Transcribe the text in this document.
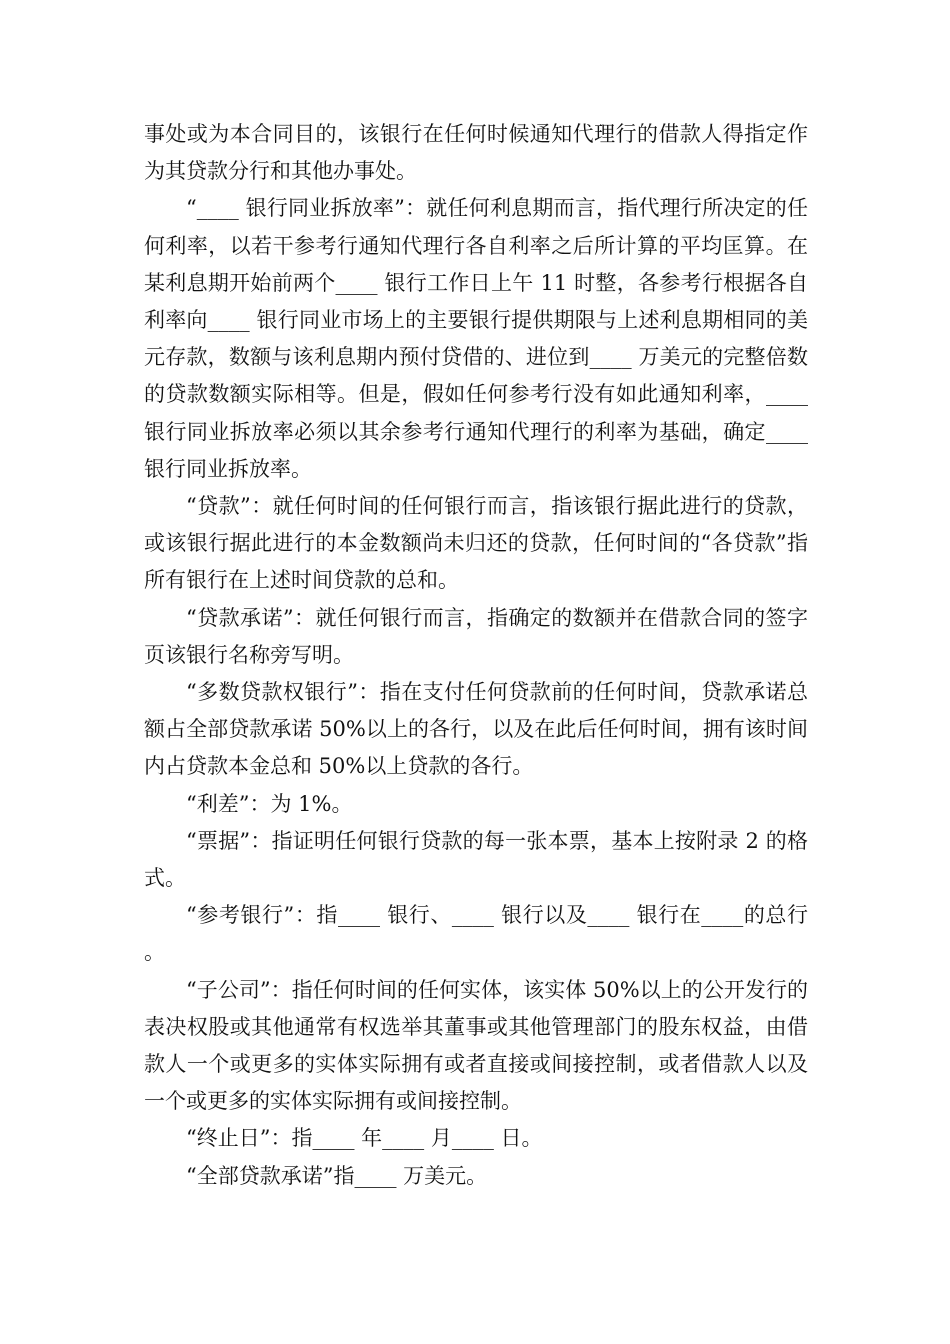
事处或为本合同目的，该银行在任何时候通知代理行的借款人得指定作为其贷款分行和其他办事处。

“____ 银行同业拆放率”：就任何利息期而言，指代理行所决定的任何利率，以若干参考行通知代理行各自利率之后所计算的平均匡算。在某利息期开始前两个____ 银行工作日上午 11 时整，各参考行根据各自利率向____ 银行同业市场上的主要银行提供期限与上述利息期相同的美元存款，数额与该利息期内预付贷借的、进位到____ 万美元的完整倍数的贷款数额实际相等。但是，假如任何参考行没有如此通知利率，____ 银行同业拆放率必须以其余参考行通知代理行的利率为基础，确定____ 银行同业拆放率。

“贷款”：就任何时间的任何银行而言，指该银行据此进行的贷款，或该银行据此进行的本金数额尚未归还的贷款，任何时间的“各贷款”指所有银行在上述时间贷款的总和。

“贷款承诺”：就任何银行而言，指确定的数额并在借款合同的签字页该银行名称旁写明。

“多数贷款权银行”：指在支付任何贷款前的任何时间，贷款承诺总额占全部贷款承诺 50%以上的各行，以及在此后任何时间，拥有该时间内占贷款本金总和 50%以上贷款的各行。

“利差”：为 1%。

“票据”：指证明任何银行贷款的每一张本票，基本上按附录 2 的格式。

“参考银行”：指____ 银行、____ 银行以及____ 银行在____的总行。

“子公司”：指任何时间的任何实体，该实体 50%以上的公开发行的表决权股或其他通常有权选举其董事或其他管理部门的股东权益，由借款人一个或更多的实体实际拥有或者直接或间接控制，或者借款人以及一个或更多的实体实际拥有或间接控制。

“终止日”：指____ 年____ 月____ 日。

“全部贷款承诺”指____ 万美元。
